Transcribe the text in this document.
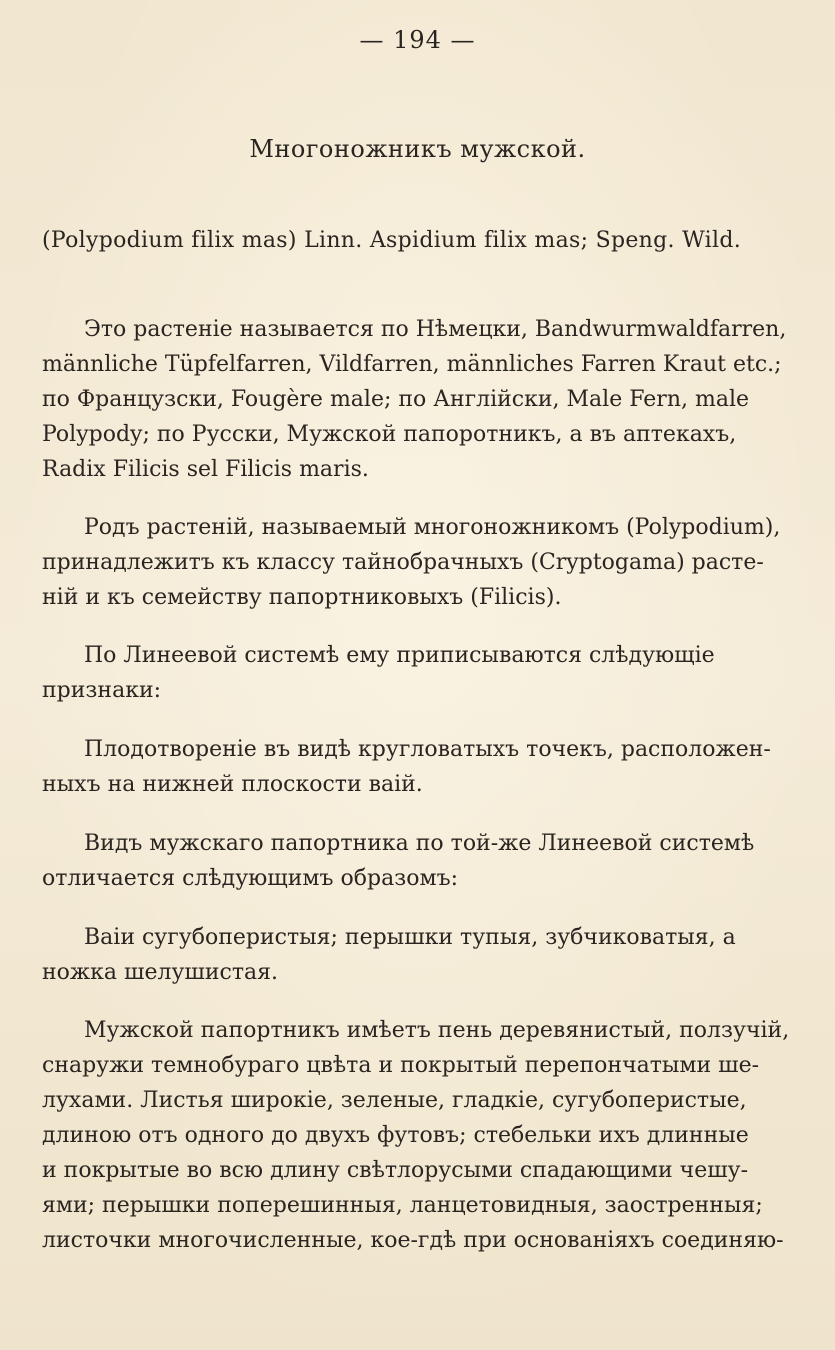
— 194 —
Многоножникъ мужской.
(Polypodium filix mas) Linn. Aspidium filix mas; Speng. Wild.
Это растеніе называется по Нѣмецки, Bandwurmwaldfarren,
männliche Tüpfelfarren, Vildfarren, männliches Farren Kraut etc.;
по Французски, Fougère male; по Англійски, Male Fern, male
Polypody; по Русски, Мужской папоротникъ, а въ аптекахъ,
Radix Filicis sel Filicis maris.
Родъ растеній, называемый многоножникомъ (Polypodium),
принадлежитъ къ классу тайнобрачныхъ (Cryptogama) расте-
ній и къ семейству папортниковыхъ (Filicis).
По Линеевой системѣ ему приписываются слѣдующіе
признаки:
Плодотвореніе въ видѣ кругловатыхъ точекъ, расположен-
ныхъ на нижней плоскости ваій.
Видъ мужскаго папортника по той-же Линеевой системѣ
отличается слѣдующимъ образомъ:
Ваіи сугубоперистыя; перышки тупыя, зубчиковатыя, а
ножка шелушистая.
Мужской папортникъ имѣетъ пень деревянистый, ползучій,
снаружи темнобураго цвѣта и покрытый перепончатыми ше-
лухами. Листья широкіе, зеленые, гладкіе, сугубоперистые,
длиною отъ одного до двухъ футовъ; стебельки ихъ длинные
и покрытые во всю длину свѣтлорусыми спадающими чешу-
ями; перышки поперешинныя, ланцетовидныя, заостренныя;
листочки многочисленные, кое-гдѣ при основаніяхъ соединяю-
